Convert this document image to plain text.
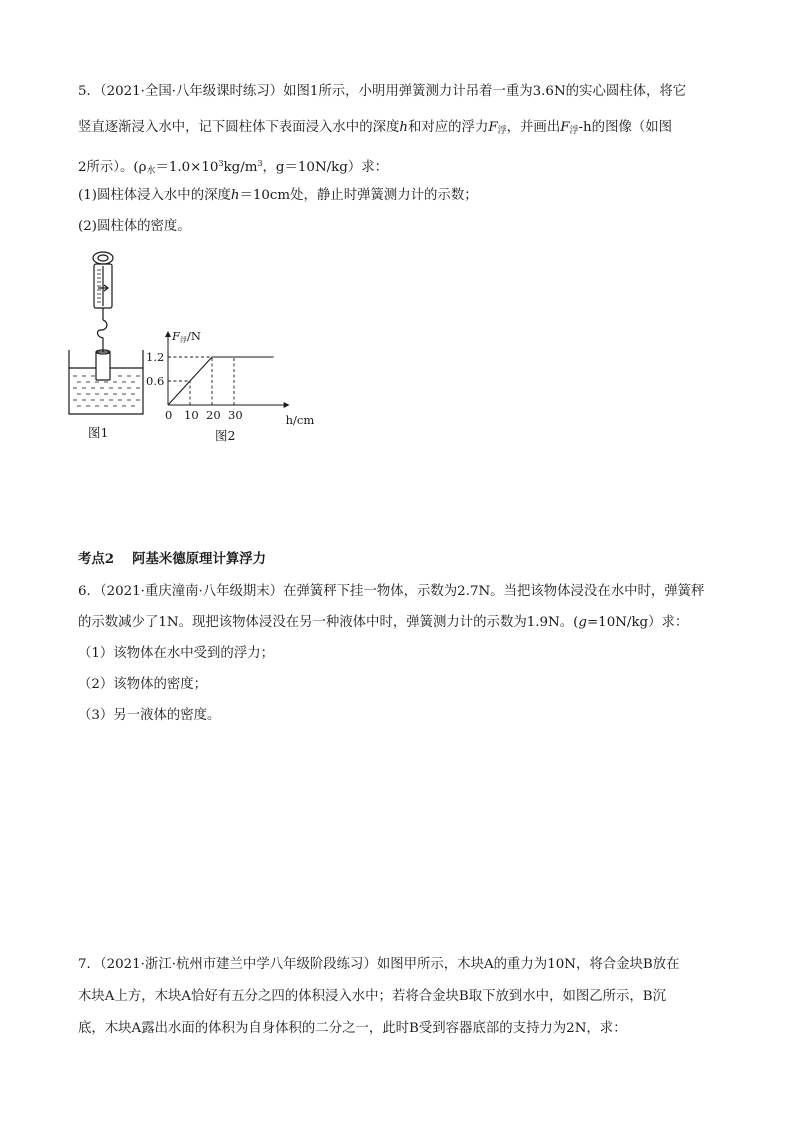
5．（2021·全国·八年级课时练习）如图1所示，小明用弹簧测力计吊着一重为3.6N的实心圆柱体，将它
竖直逐渐浸入水中，记下圆柱体下表面浸入水中的深度h和对应的浮力$F_浮$，并画出$F_浮-h$的图像（如图
2所示）。($\rho_水=1.0\times 10^3kg/m^3$，g＝10N/kg）求：
(1)圆柱体浸入水中的深度h＝10cm处，静止时弹簧测力计的示数；
(2)圆柱体的密度。
图1
0 10 20 30
0.6
1.2
F浮/N
h/cm
图2
考点2 阿基米德原理计算浮力
6．（2021·重庆潼南·八年级期末）在弹簧秤下挂一物体，示数为2.7N。当把该物体浸没在水中时，弹簧秤
的示数减少了1N。现把该物体浸没在另一种液体中时，弹簧测力计的示数为1.9N。(g=10N/kg）求：
（1）该物体在水中受到的浮力；
（2）该物体的密度；
（3）另一液体的密度。
7．（2021·浙江·杭州市建兰中学八年级阶段练习）如图甲所示，木块A的重力为10N，将合金块B放在
木块A上方，木块A恰好有五分之四的体积浸入水中；若将合金块B取下放到水中，如图乙所示，B沉
底，木块A露出水面的体积为自身体积的二分之一，此时B受到容器底部的支持力为2N，求：
